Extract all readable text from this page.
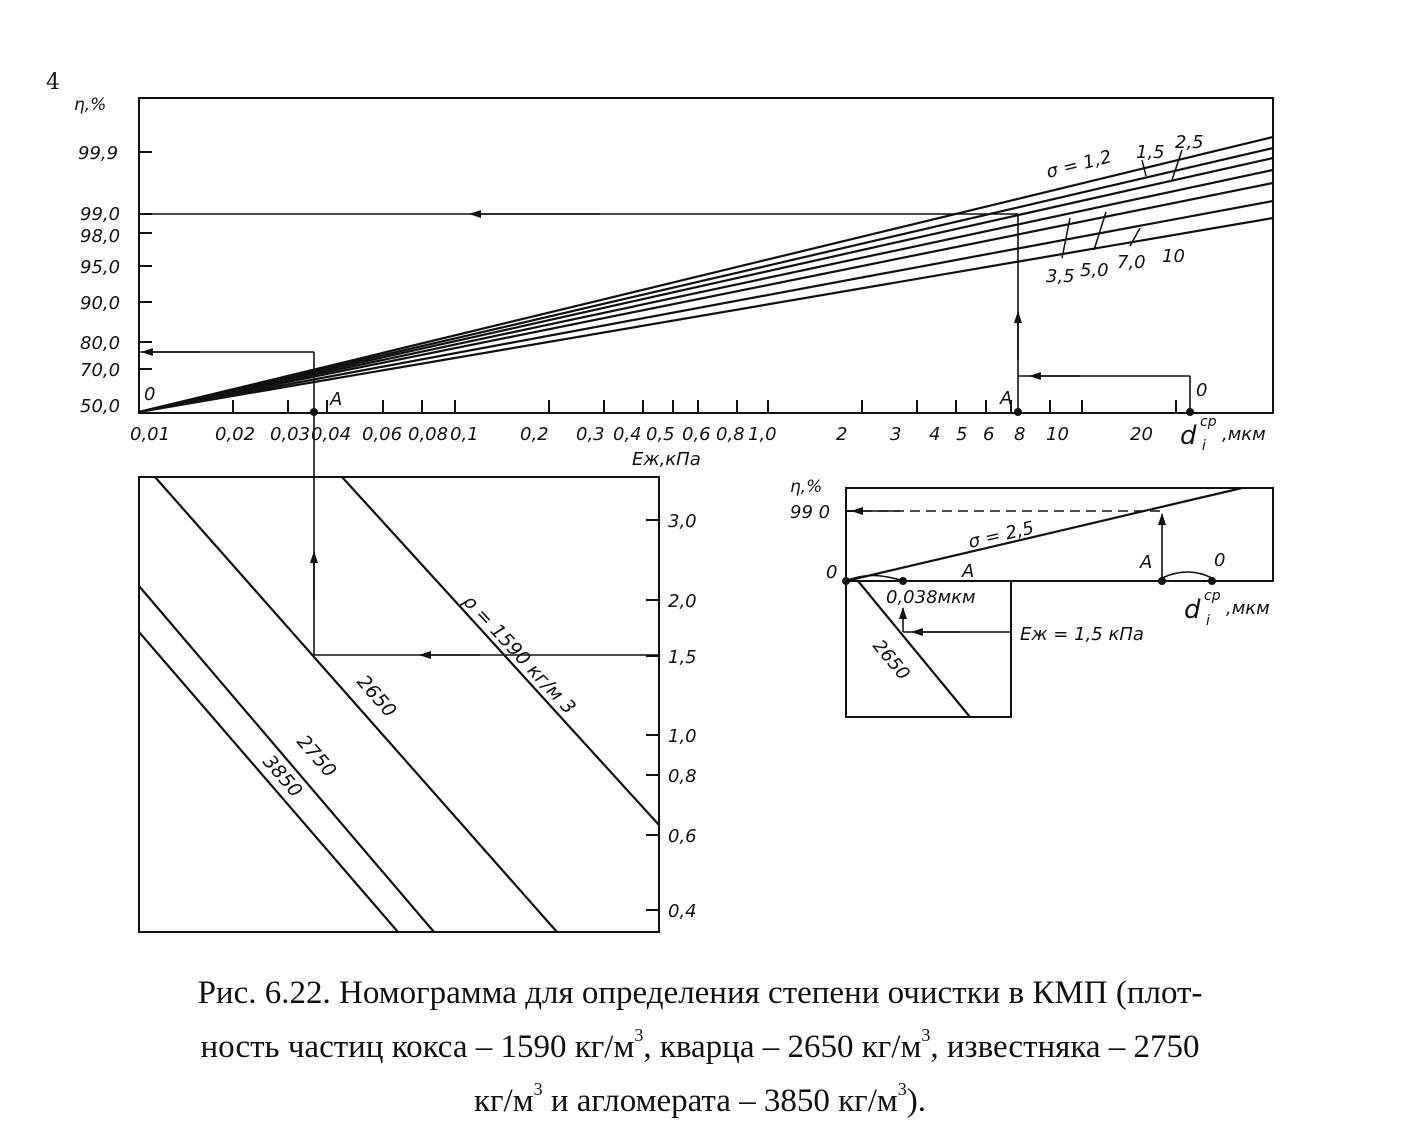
4
η,%
99,9
99,0
98,0
95,0
90,0
80,0
70,0
50,0
0,01 0,02 0,03 0,04 0,06 0,08 0,1 0,2 0,3 0,4 0,5 0,6 0,8 1,0	2 3 4 5 6 8 10	20
Eж,кПа
d ср
i
,мкм
σ = 1,2 1,5 2,5
3,5 5,0 7,0 10
0	A	A	0
3,0
2,0
1,5
1,0
0,8
0,6
0,4
ρ = 1590 кг/м 3
2650
2750
3850
η,%
99 0
σ = 2,5
0	A	A	0
0,038мкм
Eж = 1,5 кПа
2650
d ср
i
,мкм
Рис. 6.22. Номограмма для определения степени очистки в КМП (плот-
ность частиц кокса – 1590 $кг/м^3$, кварца – 2650 $кг/м^3$, известняка – 2750
$кг/м^3$ и агломерата – 3850 $кг/м^3$).
